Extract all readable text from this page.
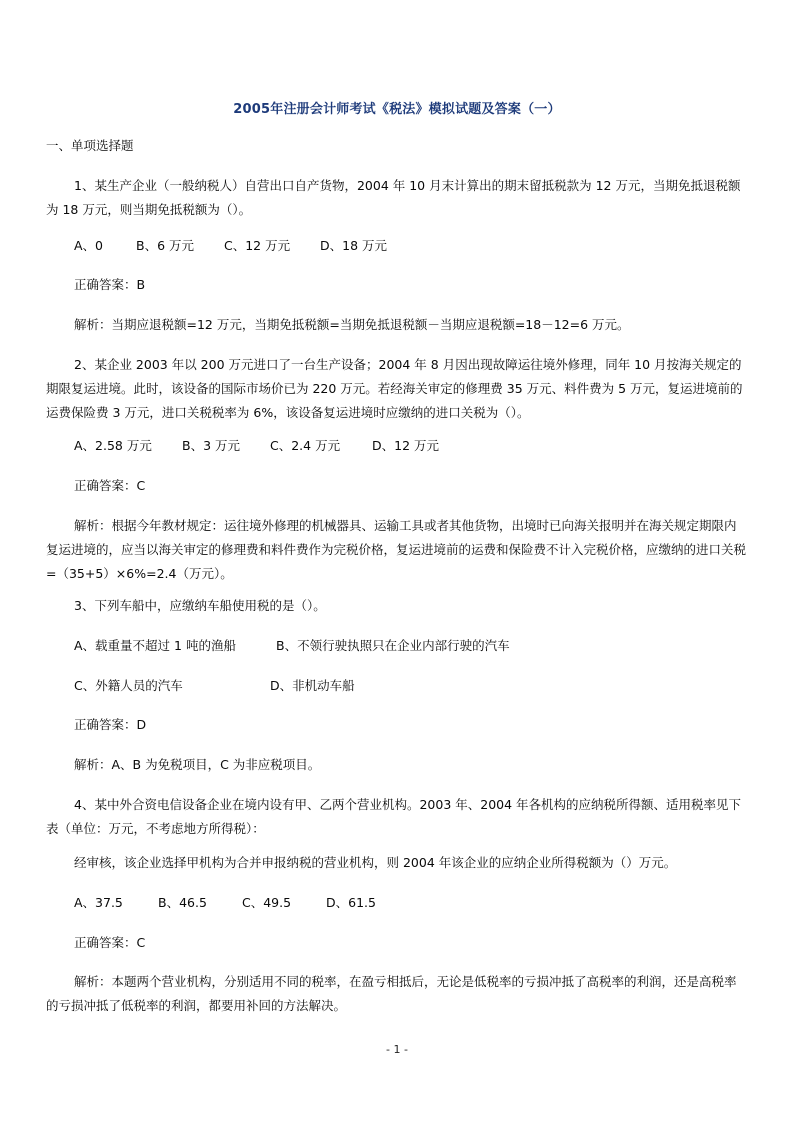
2005年注册会计师考试《税法》模拟试题及答案（一）
一、单项选择题
1、某生产企业（一般纳税人）自营出口自产货物，2004 年 10 月末计算出的期末留抵税款为 12 万元，当期免抵退税额为 18 万元，则当期免抵税额为（）。
A、0	B、6 万元 C、12 万元 D、18 万元
正确答案：B
解析：当期应退税额=12 万元，当期免抵税额=当期免抵退税额－当期应退税额=18－12=6 万元。
2、某企业 2003 年以 200 万元进口了一台生产设备；2004 年 8 月因出现故障运往境外修理，同年 10 月按海关规定的期限复运进境。此时，该设备的国际市场价已为 220 万元。若经海关审定的修理费 35 万元、料件费为 5 万元，复运进境前的运费保险费 3 万元，进口关税税率为 6%，该设备复运进境时应缴纳的进口关税为（）。
A、2.58 万元 B、3 万元 C、2.4 万元	D、12 万元
正确答案：C
解析：根据今年教材规定：运往境外修理的机械器具、运输工具或者其他货物，出境时已向海关报明并在海关规定期限内复运进境的，应当以海关审定的修理费和料件费作为完税价格，复运进境前的运费和保险费不计入完税价格，应缴纳的进口关税=（35+5）×6%=2.4（万元）。
3、下列车船中，应缴纳车船使用税的是（）。
A、载重量不超过 1 吨的渔船	B、不领行驶执照只在企业内部行驶的汽车
C、外籍人员的汽车	D、非机动车船
正确答案：D
解析：A、B 为免税项目，C 为非应税项目。
4、某中外合资电信设备企业在境内设有甲、乙两个营业机构。2003 年、2004 年各机构的应纳税所得额、适用税率见下表（单位：万元，不考虑地方所得税）：
经审核，该企业选择甲机构为合并申报纳税的营业机构，则 2004 年该企业的应纳企业所得税额为（）万元。
A、37.5	B、46.5	C、49.5	D、61.5
正确答案：C
解析：本题两个营业机构，分别适用不同的税率，在盈亏相抵后，无论是低税率的亏损冲抵了高税率的利润，还是高税率的亏损冲抵了低税率的利润，都要用补回的方法解决。
- 1 -
